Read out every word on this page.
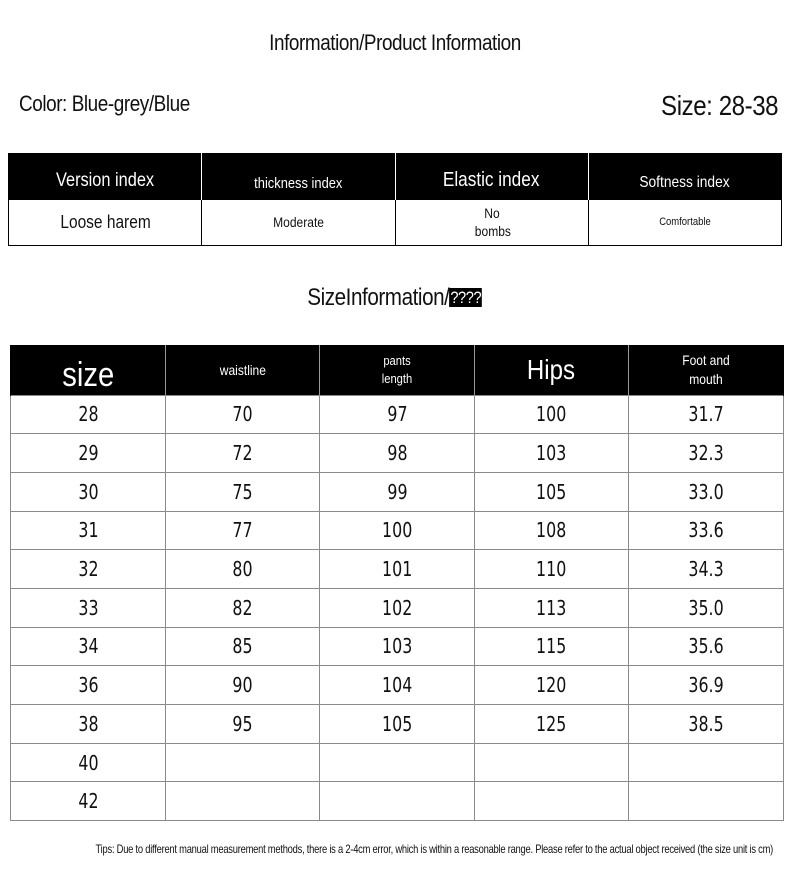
Information/Product Information
Color: Blue-grey/Blue	Size: 28-38
Version index	thickness index	Elastic index	Softness index
Loose harem	Moderate	No bombs	Comfortable
SizeInformation/????
size	waistline	pants length	Hips	Foot and mouth
28	70	97	100	31.7
29	72	98	103	32.3
30	75	99	105	33.0
31	77	100	108	33.6
32	80	101	110	34.3
33	82	102	113	35.0
34	85	103	115	35.6
36	90	104	120	36.9
38	95	105	125	38.5
40				
42				
Tips: Due to different manual measurement methods, there is a 2-4cm error, which is within a reasonable range. Please refer to the actual object received (the size unit is cm)
